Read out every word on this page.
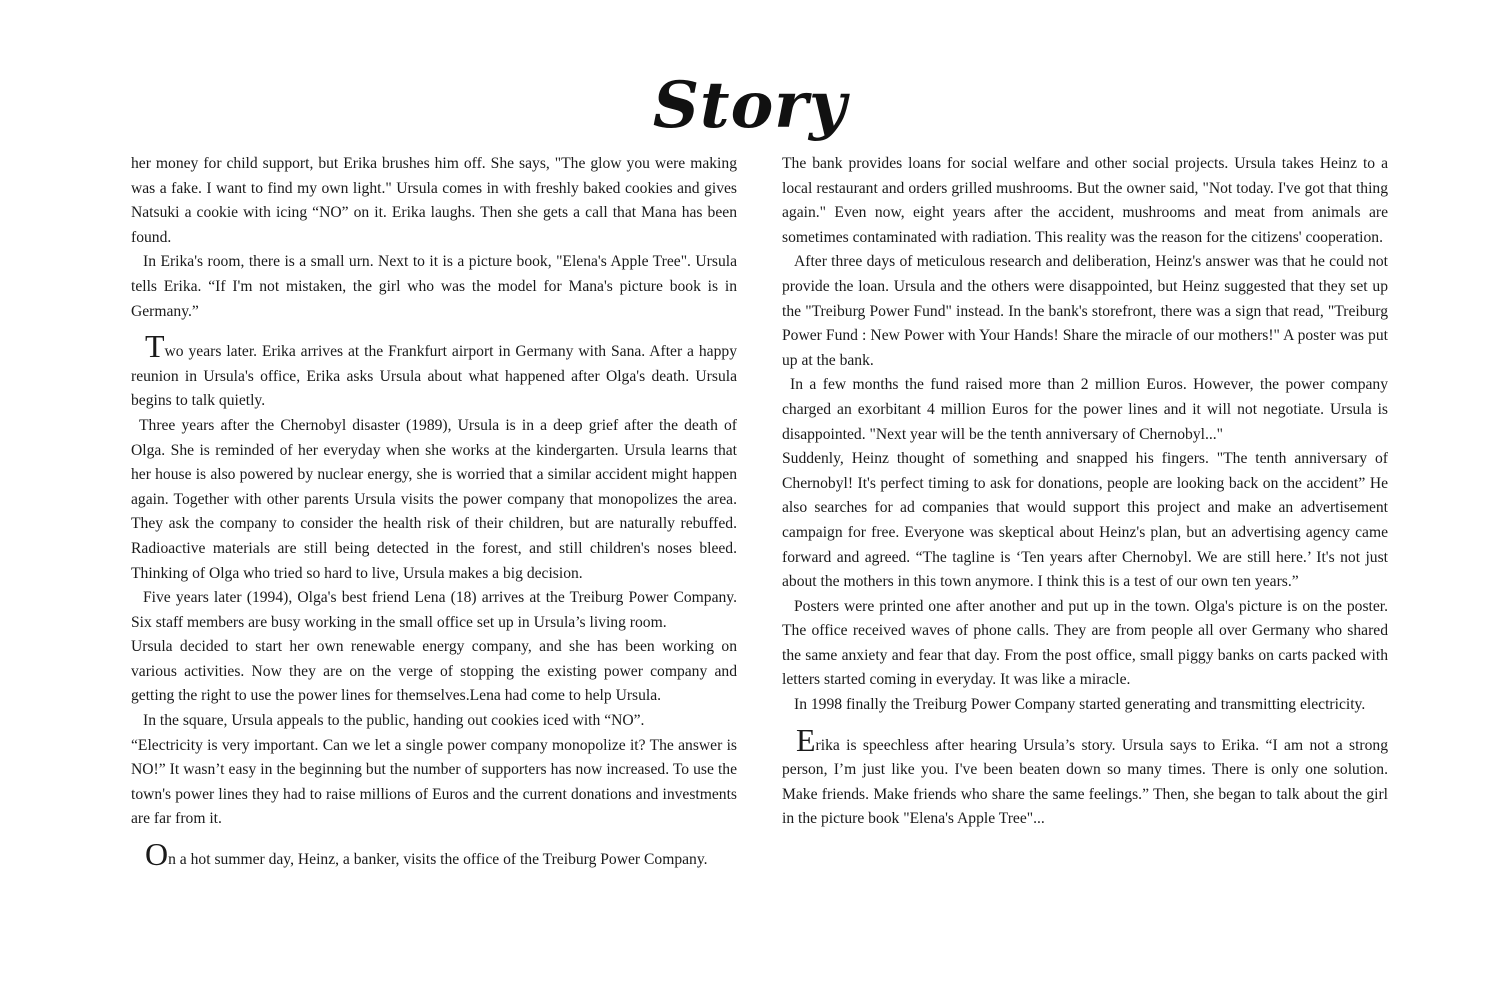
Story

her money for child support, but Erika brushes him off. She says, "The glow you were making was a fake. I want to find my own light." Ursula comes in with freshly baked cookies and gives Natsuki a cookie with icing “NO” on it. Erika laughs. Then she gets a call that Mana has been found.

In Erika's room, there is a small urn. Next to it is a picture book, "Elena's Apple Tree". Ursula tells Erika. “If I'm not mistaken, the girl who was the model for Mana's picture book is in Germany.”

Two years later. Erika arrives at the Frankfurt airport in Germany with Sana. After a happy reunion in Ursula's office, Erika asks Ursula about what happened after Olga's death. Ursula begins to talk quietly.

Three years after the Chernobyl disaster (1989), Ursula is in a deep grief after the death of Olga. She is reminded of her everyday when she works at the kindergarten. Ursula learns that her house is also powered by nuclear energy, she is worried that a similar accident might happen again. Together with other parents Ursula visits the power company that monopolizes the area. They ask the company to consider the health risk of their children, but are naturally rebuffed. Radioactive materials are still being detected in the forest, and still children's noses bleed. Thinking of Olga who tried so hard to live, Ursula makes a big decision.

Five years later (1994), Olga's best friend Lena (18) arrives at the Treiburg Power Company. Six staff members are busy working in the small office set up in Ursula’s living room.

Ursula decided to start her own renewable energy company, and she has been working on various activities. Now they are on the verge of stopping the existing power company and getting the right to use the power lines for themselves.Lena had come to help Ursula.

In the square, Ursula appeals to the public, handing out cookies iced with “NO”.

“Electricity is very important. Can we let a single power company monopolize it? The answer is NO!” It wasn’t easy in the beginning but the number of supporters has now increased. To use the town's power lines they had to raise millions of Euros and the current donations and investments are far from it.

On a hot summer day, Heinz, a banker, visits the office of the Treiburg Power Company.

The bank provides loans for social welfare and other social projects. Ursula takes Heinz to a local restaurant and orders grilled mushrooms. But the owner said, "Not today. I've got that thing again." Even now, eight years after the accident, mushrooms and meat from animals are sometimes contaminated with radiation. This reality was the reason for the citizens' cooperation.

After three days of meticulous research and deliberation, Heinz's answer was that he could not provide the loan. Ursula and the others were disappointed, but Heinz suggested that they set up the "Treiburg Power Fund" instead. In the bank's storefront, there was a sign that read, "Treiburg Power Fund : New Power with Your Hands! Share the miracle of our mothers!" A poster was put up at the bank.

In a few months the fund raised more than 2 million Euros. However, the power company charged an exorbitant 4 million Euros for the power lines and it will not negotiate. Ursula is disappointed. "Next year will be the tenth anniversary of Chernobyl..."

Suddenly, Heinz thought of something and snapped his fingers. "The tenth anniversary of Chernobyl! It's perfect timing to ask for donations, people are looking back on the accident” He also searches for ad companies that would support this project and make an advertisement campaign for free. Everyone was skeptical about Heinz's plan, but an advertising agency came forward and agreed. “The tagline is ‘Ten years after Chernobyl. We are still here.’ It's not just about the mothers in this town anymore. I think this is a test of our own ten years.”

Posters were printed one after another and put up in the town. Olga's picture is on the poster. The office received waves of phone calls. They are from people all over Germany who shared the same anxiety and fear that day. From the post office, small piggy banks on carts packed with letters started coming in everyday. It was like a miracle.

In 1998 finally the Treiburg Power Company started generating and transmitting electricity.

Erika is speechless after hearing Ursula’s story. Ursula says to Erika. “I am not a strong person, I’m just like you. I've been beaten down so many times. There is only one solution. Make friends. Make friends who share the same feelings.” Then, she began to talk about the girl in the picture book "Elena's Apple Tree"...
